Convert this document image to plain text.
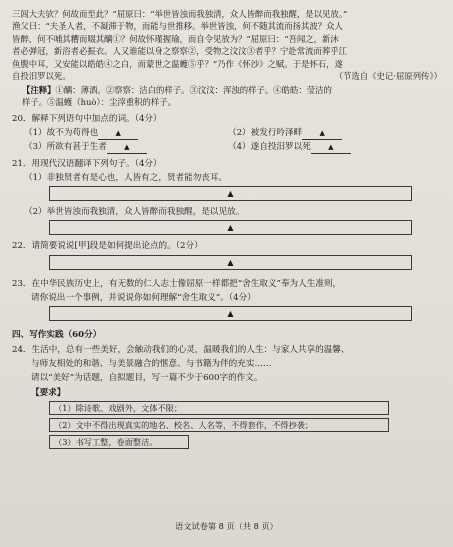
三闾大夫欤？何故而至此？”屈原曰：“举世皆浊而我独清，众人皆醉而我独醒，是以见放。”
渔父曰：“夫圣人者，不凝滞于物，而能与世推移。举世皆浊，何不随其流而扬其波？众人
皆醉，何不哺其糟而啜其醨①？何故怀瑾握瑜，而自令见放为？”屈原曰：“吾闻之，新沐
者必弹冠，新浴者必振衣。人又谁能以身之察察②，受物之汶汶③者乎？宁赴常流而葬乎江
鱼腹中耳，又安能以皓皓④之白，而蒙世之温蠖⑤乎？”乃作《怀沙》之赋。于是怀石，遂
自投汨罗以死。	（节选自《史记·屈原列传》）
【注释】①醨：薄酒。②察察：洁白的样子。③汶汶：浑浊的样子。④皓皓：莹洁的
样子。⑤温蠖（huò）：尘滓重积的样子。
20．解释下列语句中加点的词。（4分）
（1）故不为苟得也 ▲	（2）被发行吟泽畔 ▲
（3）所欲有甚于生者 ▲	（4）遂自投汨罗以死 ▲
21．用现代汉语翻译下列句子。（4分）
（1）非独贤者有是心也，人皆有之，贤者能勿丧耳。
▲
（2）举世皆浊而我独清，众人皆醉而我独醒，是以见放。
▲
22．请简要说说[甲]段是如何提出论点的。（2分）
▲
23．在中华民族历史上，有无数的仁人志士像屈原一样都把“舍生取义”奉为人生准则，
请你说出一个事例，并说说你如何理解“舍生取义”。（4分）
▲
四、写作实践（60分）
24．生活中，总有一些美好，会触动我们的心灵，温暖我们的人生：与家人共享的温馨、
与师友相处的和谐、与美景融合的惬意、与书籍为伴的充实……
请以“美好”为话题，自拟题目，写一篇不少于600字的作文。
【要求】
（1）除诗歌、戏剧外，文体不限；
（2）文中不得出现真实的地名、校名、人名等，不得套作，不得抄袭；
（3）书写工整，卷面整洁。
语文试卷第 8 页（共 8 页）
